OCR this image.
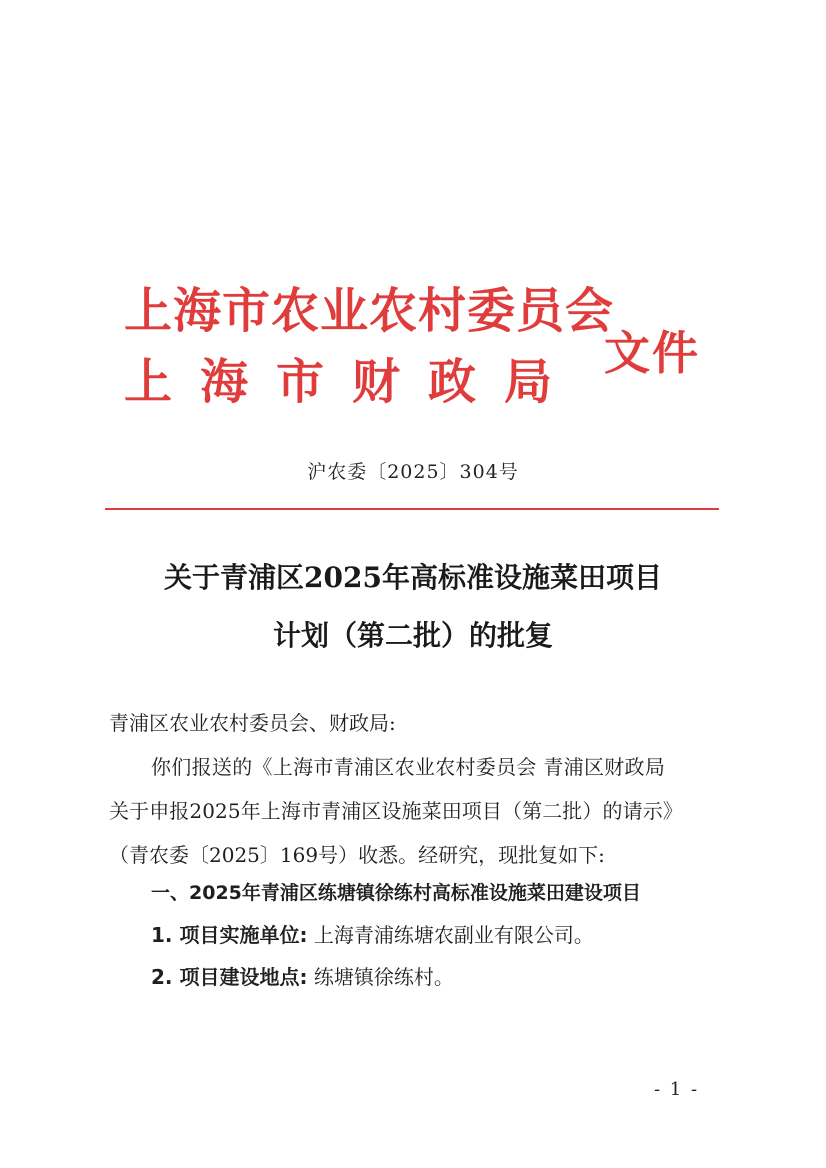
上海市农业农村委员会
上海市财政局
文件
沪农委〔2025〕304号
关于青浦区2025年高标准设施菜田项目
计划（第二批）的批复
青浦区农业农村委员会、财政局:
你们报送的《上海市青浦区农业农村委员会 青浦区财政局
关于申报2025年上海市青浦区设施菜田项目（第二批）的请示》
（青农委〔2025〕169号）收悉。经研究，现批复如下:
一、2025年青浦区练塘镇徐练村高标准设施菜田建设项目
1. 项目实施单位: 上海青浦练塘农副业有限公司。
2. 项目建设地点: 练塘镇徐练村。
- 1 -
